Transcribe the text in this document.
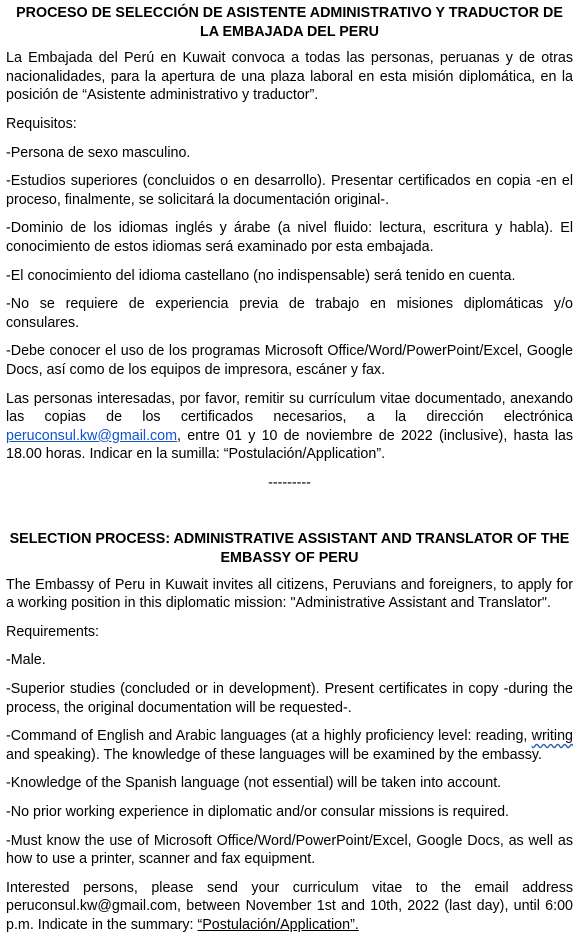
PROCESO DE SELECCIÓN DE ASISTENTE ADMINISTRATIVO Y TRADUCTOR DE LA EMBAJADA DEL PERU

La Embajada del Perú en Kuwait convoca a todas las personas, peruanas y de otras nacionalidades, para la apertura de una plaza laboral en esta misión diplomática, en la posición de “Asistente administrativo y traductor”.

Requisitos:

-Persona de sexo masculino.

-Estudios superiores (concluidos o en desarrollo). Presentar certificados en copia -en el proceso, finalmente, se solicitará la documentación original-.

-Dominio de los idiomas inglés y árabe (a nivel fluido: lectura, escritura y habla). El conocimiento de estos idiomas será examinado por esta embajada.

-El conocimiento del idioma castellano (no indispensable) será tenido en cuenta.

-No se requiere de experiencia previa de trabajo en misiones diplomáticas y/o consulares.

-Debe conocer el uso de los programas Microsoft Office/Word/PowerPoint/Excel, Google Docs, así como de los equipos de impresora, escáner y fax.

Las personas interesadas, por favor, remitir su currículum vitae documentado, anexando las copias de los certificados necesarios, a la dirección electrónica peruconsul.kw@gmail.com, entre 01 y 10 de noviembre de 2022 (inclusive), hasta las 18.00 horas. Indicar en la sumilla: “Postulación/Application”.

---------
SELECTION PROCESS: ADMINISTRATIVE ASSISTANT AND TRANSLATOR OF THE EMBASSY OF PERU

The Embassy of Peru in Kuwait invites all citizens, Peruvians and foreigners, to apply for a working position in this diplomatic mission: "Administrative Assistant and Translator".

Requirements:

-Male.

-Superior studies (concluded or in development). Present certificates in copy -during the process, the original documentation will be requested-.

-Command of English and Arabic languages (at a highly proficiency level: reading, writing and speaking). The knowledge of these languages will be examined by the embassy.

-Knowledge of the Spanish language (not essential) will be taken into account.

-No prior working experience in diplomatic and/or consular missions is required.

-Must know the use of Microsoft Office/Word/PowerPoint/Excel, Google Docs, as well as how to use a printer, scanner and fax equipment.

Interested persons, please send your curriculum vitae to the email address peruconsul.kw@gmail.com, between November 1st and 10th, 2022 (last day), until 6:00 p.m. Indicate in the summary: “Postulación/Application”.
